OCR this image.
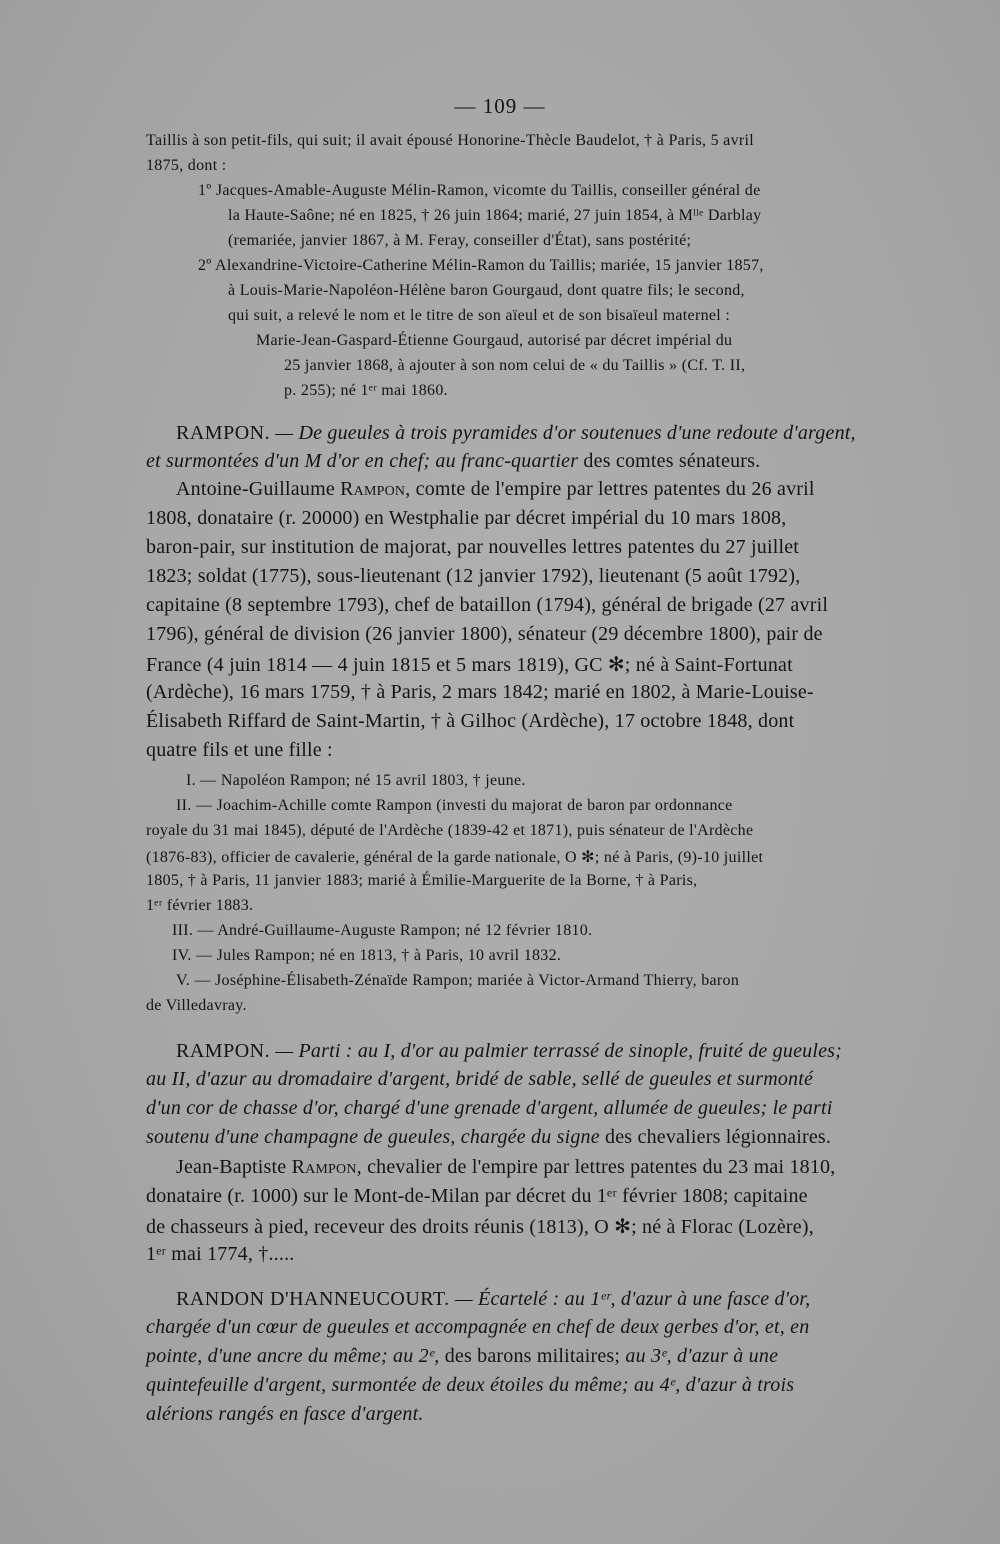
— 109 —
Taillis à son petit-fils, qui suit; il avait épousé Honorine-Thècle Baudelot, † à Paris, 5 avril
1875, dont :
1º Jacques-Amable-Auguste Mélin-Ramon, vicomte du Taillis, conseiller général de
la Haute-Saône; né en 1825, † 26 juin 1864; marié, 27 juin 1854, à Mˡˡᵉ Darblay
(remariée, janvier 1867, à M. Feray, conseiller d'État), sans postérité;
2º Alexandrine-Victoire-Catherine Mélin-Ramon du Taillis; mariée, 15 janvier 1857,
à Louis-Marie-Napoléon-Hélène baron Gourgaud, dont quatre fils; le second,
qui suit, a relevé le nom et le titre de son aïeul et de son bisaïeul maternel :
Marie-Jean-Gaspard-Étienne Gourgaud, autorisé par décret impérial du
25 janvier 1868, à ajouter à son nom celui de « du Taillis » (Cf. T. II,
p. 255); né 1ᵉʳ mai 1860.
RAMPON. — De gueules à trois pyramides d'or soutenues d'une redoute d'argent,
et surmontées d'un M d'or en chef; au franc-quartier des comtes sénateurs.
Antoine-Guillaume Rampon, comte de l'empire par lettres patentes du 26 avril
1808, donataire (r. 20000) en Westphalie par décret impérial du 10 mars 1808,
baron-pair, sur institution de majorat, par nouvelles lettres patentes du 27 juillet
1823; soldat (1775), sous-lieutenant (12 janvier 1792), lieutenant (5 août 1792),
capitaine (8 septembre 1793), chef de bataillon (1794), général de brigade (27 avril
1796), général de division (26 janvier 1800), sénateur (29 décembre 1800), pair de
France (4 juin 1814 — 4 juin 1815 et 5 mars 1819), GC ✻; né à Saint-Fortunat
(Ardèche), 16 mars 1759, † à Paris, 2 mars 1842; marié en 1802, à Marie-Louise-
Élisabeth Riffard de Saint-Martin, † à Gilhoc (Ardèche), 17 octobre 1848, dont
quatre fils et une fille :
I. — Napoléon Rampon; né 15 avril 1803, † jeune.
II. — Joachim-Achille comte Rampon (investi du majorat de baron par ordonnance
royale du 31 mai 1845), député de l'Ardèche (1839-42 et 1871), puis sénateur de l'Ardèche
(1876-83), officier de cavalerie, général de la garde nationale, O ✻; né à Paris, (9)-10 juillet
1805, † à Paris, 11 janvier 1883; marié à Émilie-Marguerite de la Borne, † à Paris,
1ᵉʳ février 1883.
III. — André-Guillaume-Auguste Rampon; né 12 février 1810.
IV. — Jules Rampon; né en 1813, † à Paris, 10 avril 1832.
V. — Joséphine-Élisabeth-Zénaïde Rampon; mariée à Victor-Armand Thierry, baron
de Villedavray.
RAMPON. — Parti : au I, d'or au palmier terrassé de sinople, fruité de gueules;
au II, d'azur au dromadaire d'argent, bridé de sable, sellé de gueules et surmonté
d'un cor de chasse d'or, chargé d'une grenade d'argent, allumée de gueules; le parti
soutenu d'une champagne de gueules, chargée du signe des chevaliers légionnaires.
Jean-Baptiste Rampon, chevalier de l'empire par lettres patentes du 23 mai 1810,
donataire (r. 1000) sur le Mont-de-Milan par décret du 1ᵉʳ février 1808; capitaine
de chasseurs à pied, receveur des droits réunis (1813), O ✻; né à Florac (Lozère),
1ᵉʳ mai 1774, †.....
RANDON D'HANNEUCOURT. — Écartelé : au 1ᵉʳ, d'azur à une fasce d'or,
chargée d'un cœur de gueules et accompagnée en chef de deux gerbes d'or, et, en
pointe, d'une ancre du même; au 2ᵉ, des barons militaires; au 3ᵉ, d'azur à une
quintefeuille d'argent, surmontée de deux étoiles du même; au 4ᵉ, d'azur à trois
alérions rangés en fasce d'argent.
